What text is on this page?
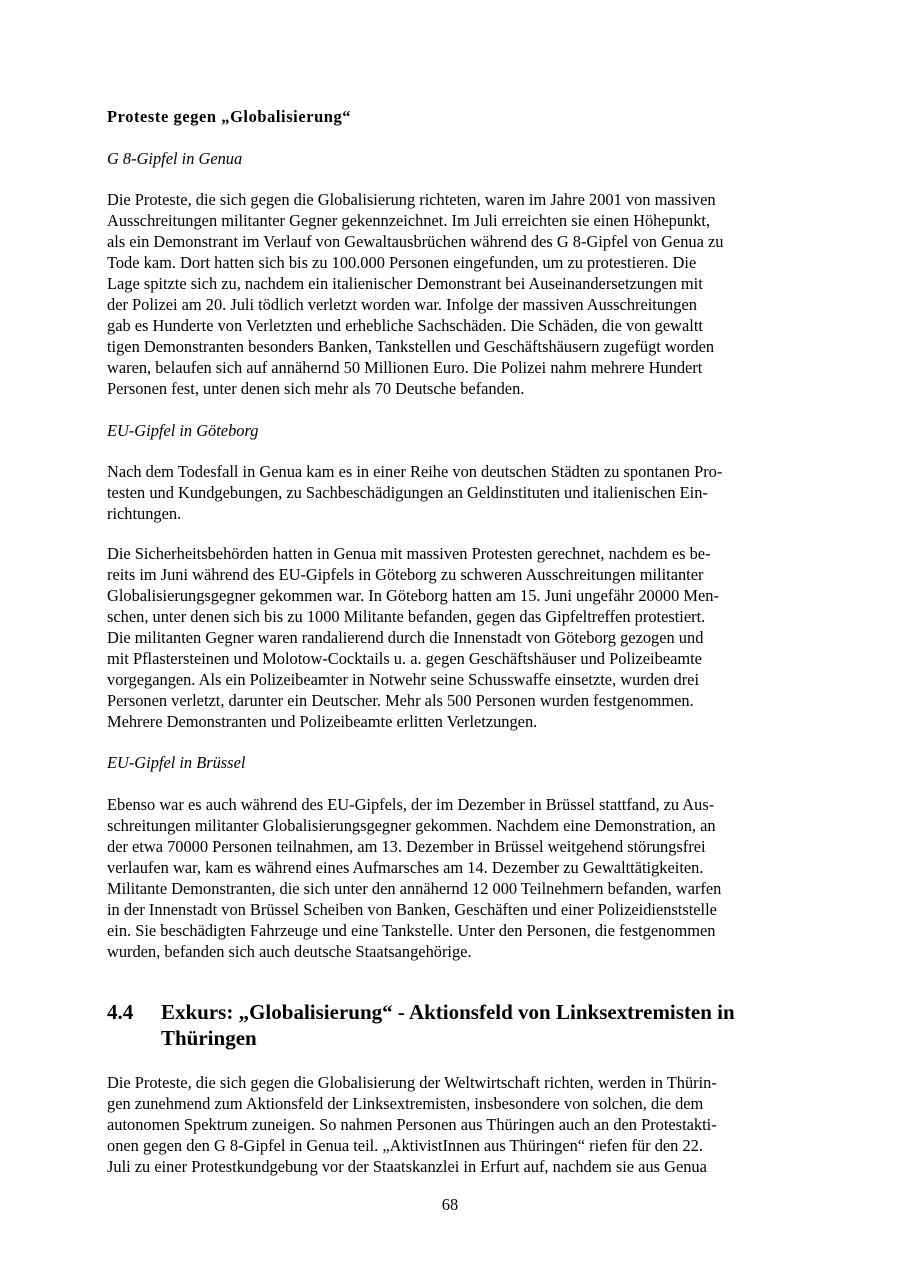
Proteste gegen „Globalisierung“
G 8-Gipfel in Genua
Die Proteste, die sich gegen die Globalisierung richteten, waren im Jahre 2001 von massiven
Ausschreitungen militanter Gegner gekennzeichnet. Im Juli erreichten sie einen Höhepunkt,
als ein Demonstrant im Verlauf von Gewaltausbrüchen während des G 8-Gipfel von Genua zu
Tode kam. Dort hatten sich bis zu 100.000 Personen eingefunden, um zu protestieren. Die
Lage spitzte sich zu, nachdem ein italienischer Demonstrant bei Auseinandersetzungen mit
der Polizei am 20. Juli tödlich verletzt worden war. Infolge der massiven Ausschreitungen
gab es Hunderte von Verletzten und erhebliche Sachschäden. Die Schäden, die von gewaltt
tigen Demonstranten besonders Banken, Tankstellen und Geschäftshäusern zugefügt worden
waren, belaufen sich auf annähernd 50 Millionen Euro. Die Polizei nahm mehrere Hundert
Personen fest, unter denen sich mehr als 70 Deutsche befanden.
EU-Gipfel in Göteborg
Nach dem Todesfall in Genua kam es in einer Reihe von deutschen Städten zu spontanen Pro-
testen und Kundgebungen, zu Sachbeschädigungen an Geldinstituten und italienischen Ein-
richtungen.
Die Sicherheitsbehörden hatten in Genua mit massiven Protesten gerechnet, nachdem es be-
reits im Juni während des EU-Gipfels in Göteborg zu schweren Ausschreitungen militanter
Globalisierungsgegner gekommen war. In Göteborg hatten am 15. Juni ungefähr 20000 Men-
schen, unter denen sich bis zu 1000 Militante befanden, gegen das Gipfeltreffen protestiert.
Die militanten Gegner waren randalierend durch die Innenstadt von Göteborg gezogen und
mit Pflastersteinen und Molotow-Cocktails u. a. gegen Geschäftshäuser und Polizeibeamte
vorgegangen. Als ein Polizeibeamter in Notwehr seine Schusswaffe einsetzte, wurden drei
Personen verletzt, darunter ein Deutscher. Mehr als 500 Personen wurden festgenommen.
Mehrere Demonstranten und Polizeibeamte erlitten Verletzungen.
EU-Gipfel in Brüssel
Ebenso war es auch während des EU-Gipfels, der im Dezember in Brüssel stattfand, zu Aus-
schreitungen militanter Globalisierungsgegner gekommen. Nachdem eine Demonstration, an
der etwa 70000 Personen teilnahmen, am 13. Dezember in Brüssel weitgehend störungsfrei
verlaufen war, kam es während eines Aufmarsches am 14. Dezember zu Gewalttätigkeiten.
Militante Demonstranten, die sich unter den annähernd 12 000 Teilnehmern befanden, warfen
in der Innenstadt von Brüssel Scheiben von Banken, Geschäften und einer Polizeidienststelle
ein. Sie beschädigten Fahrzeuge und eine Tankstelle. Unter den Personen, die festgenommen
wurden, befanden sich auch deutsche Staatsangehörige.
4.4 Exkurs: „Globalisierung“ - Aktionsfeld von Linksextremisten in
Thüringen
Die Proteste, die sich gegen die Globalisierung der Weltwirtschaft richten, werden in Thürin-
gen zunehmend zum Aktionsfeld der Linksextremisten, insbesondere von solchen, die dem
autonomen Spektrum zuneigen. So nahmen Personen aus Thüringen auch an den Protestakti-
onen gegen den G 8-Gipfel in Genua teil. „AktivistInnen aus Thüringen“ riefen für den 22.
Juli zu einer Protestkundgebung vor der Staatskanzlei in Erfurt auf, nachdem sie aus Genua
68
